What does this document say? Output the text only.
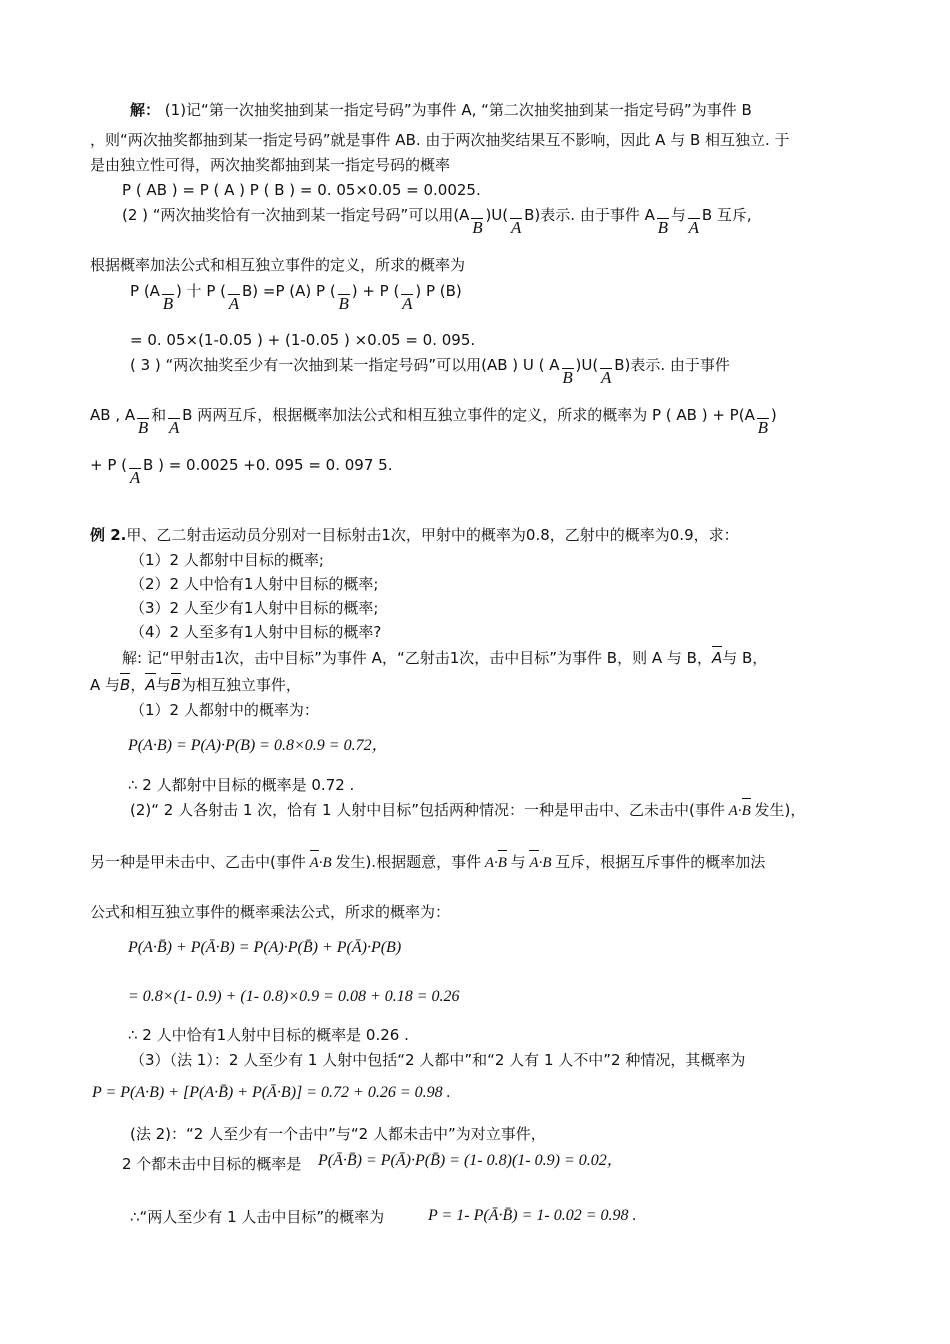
解： (1)记“第一次抽奖抽到某一指定号码”为事件 A, “第二次抽奖抽到某一指定号码”为事件 B
，则“两次抽奖都抽到某一指定号码”就是事件 AB. 由于两次抽奖结果互不影响，因此 A 与 B 相互独立. 于
是由独立性可得，两次抽奖都抽到某一指定号码的概率
P ( AB ) = P ( A ) P ( B ) = 0. 05×0.05 = 0.0025.
(2 ) “两次抽奖恰有一次抽到某一指定号码”可以用(A

B
)U(

A
B)表示. 由于事件 A

B
与

A
B 互斥,
根据概率加法公式和相互独立事件的定义，所求的概率为
P (A

B
) 十 P (

A
B) =P (A) P (

B
) + P (

A
) P (B)
= 0. 05×(1-0.05 ) + (1-0.05 ) ×0.05 = 0. 095.
( 3 ) “两次抽奖至少有一次抽到某一指定号码”可以用(AB ) U ( A

B
)U(

A
B)表示. 由于事件
AB , A

B
和

A
B 两两互斥，根据概率加法公式和相互独立事件的定义，所求的概率为 P ( AB ) + P(A

B
)
+ P (

A
B ) = 0.0025 +0. 095 = 0. 097 5.
例 2.甲、乙二射击运动员分别对一目标射击1次，甲射中的概率为0.8，乙射中的概率为0.9，求：
（1）2 人都射中目标的概率;
（2）2 人中恰有1人射中目标的概率;
（3）2 人至少有1人射中目标的概率;
（4）2 人至多有1人射中目标的概率?
解: 记“甲射击1次，击中目标”为事件 A，“乙射击1次，击中目标”为事件 B，则 A 与 B，A与 B，
A 与B，A与B为相互独立事件，
（1）2 人都射中的概率为：
P(A·B) = P(A)·P(B) = 0.8×0.9 = 0.72，
∴ 2 人都射中目标的概率是 0.72 .
(2)“ 2 人各射击 1 次，恰有 1 人射中目标”包括两种情况：一种是甲击中、乙未击中(事件 A·B 发生)，
另一种是甲未击中、乙击中(事件 A·B 发生).根据题意，事件 A·B 与 A·B 互斥，根据互斥事件的概率加法
公式和相互独立事件的概率乘法公式，所求的概率为：
P(A·B̄) + P(Ā·B) = P(A)·P(B̄) + P(Ā)·P(B)
= 0.8×(1- 0.9) + (1- 0.8)×0.9 = 0.08 + 0.18 = 0.26
∴ 2 人中恰有1人射中目标的概率是 0.26 .
（3）（法 1）：2 人至少有 1 人射中包括“2 人都中”和“2 人有 1 人不中”2 种情况，其概率为
P = P(A·B) + [P(A·B̄) + P(Ā·B)] = 0.72 + 0.26 = 0.98 .
(法 2)：“2 人至少有一个击中”与“2 人都未击中”为对立事件，
2 个都未击中目标的概率是 P(Ā·B̄) = P(Ā)·P(B̄) = (1- 0.8)(1- 0.9) = 0.02，
∴“两人至少有 1 人击中目标”的概率为	P = 1- P(Ā·B̄) = 1- 0.02 = 0.98 .
